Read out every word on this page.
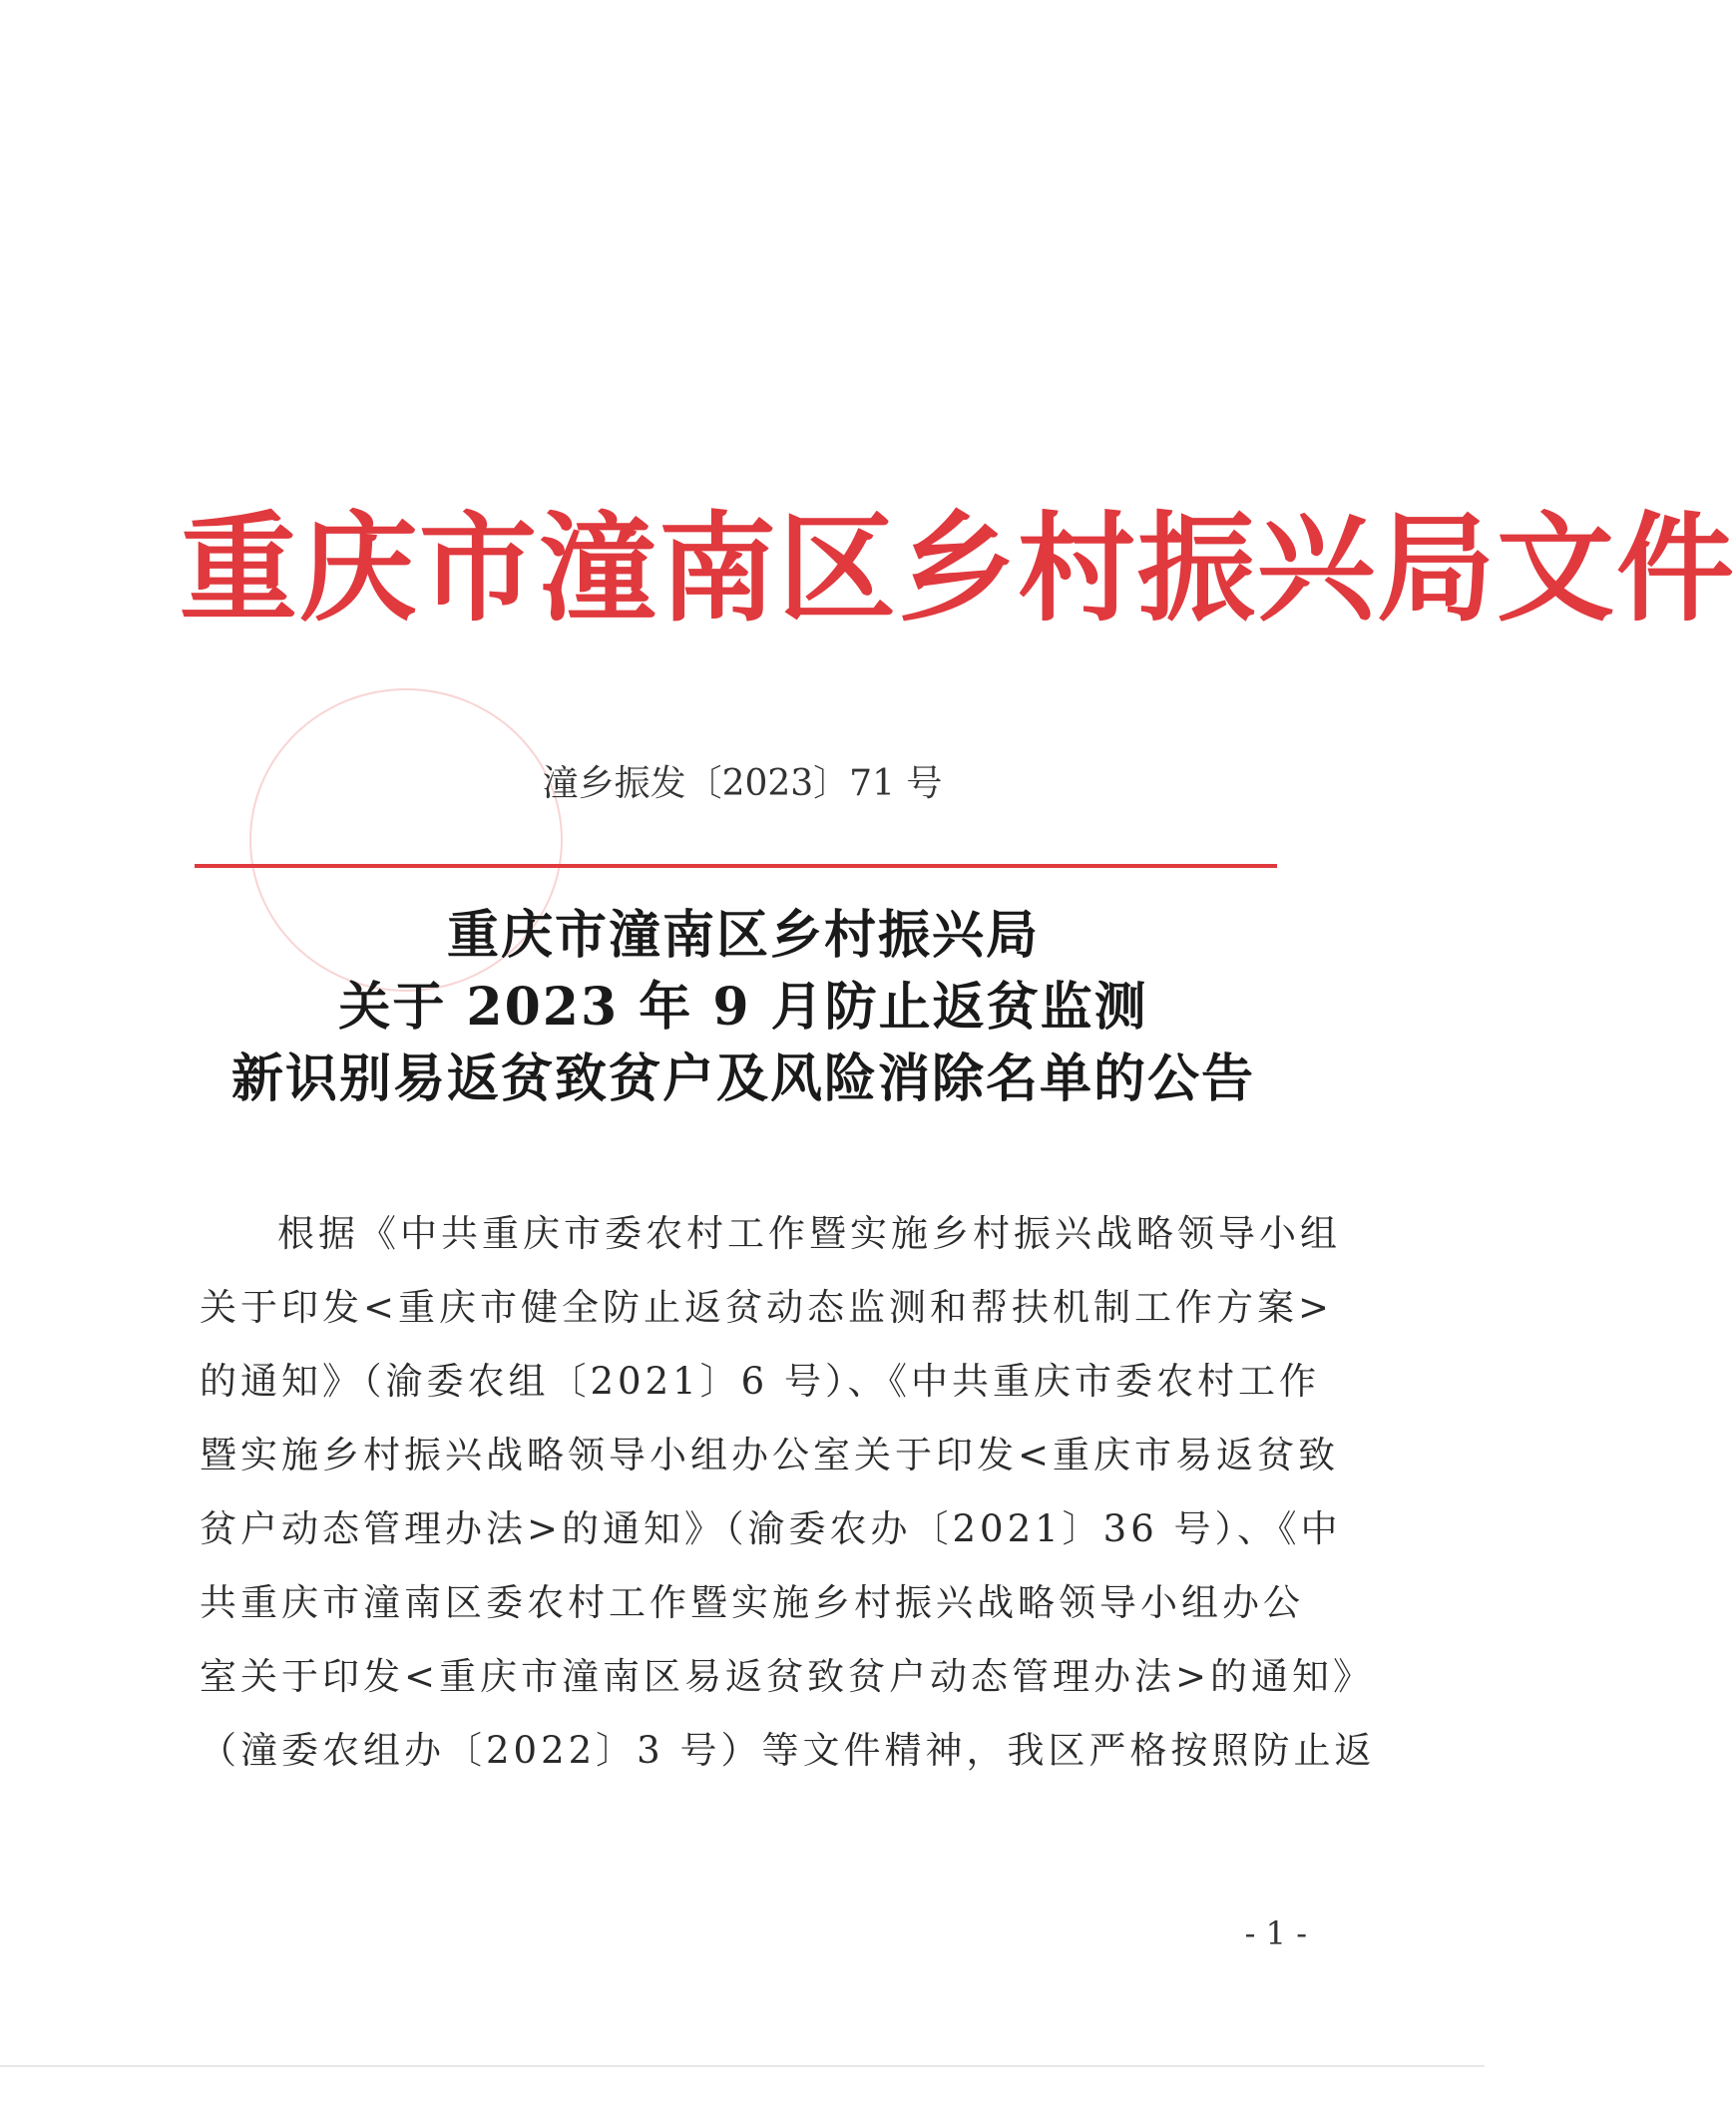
重庆市潼南区乡村振兴局文件
潼乡振发〔2023〕71 号
重庆市潼南区乡村振兴局
关于 2023 年 9 月防止返贫监测
新识别易返贫致贫户及风险消除名单的公告
根据《中共重庆市委农村工作暨实施乡村振兴战略领导小组
关于印发<重庆市健全防止返贫动态监测和帮扶机制工作方案>
的通知》（渝委农组〔2021〕6 号）、《中共重庆市委农村工作
暨实施乡村振兴战略领导小组办公室关于印发<重庆市易返贫致
贫户动态管理办法>的通知》（渝委农办〔2021〕36 号）、《中
共重庆市潼南区委农村工作暨实施乡村振兴战略领导小组办公
室关于印发<重庆市潼南区易返贫致贫户动态管理办法>的通知》
（潼委农组办〔2022〕3 号）等文件精神，我区严格按照防止返
- 1 -
